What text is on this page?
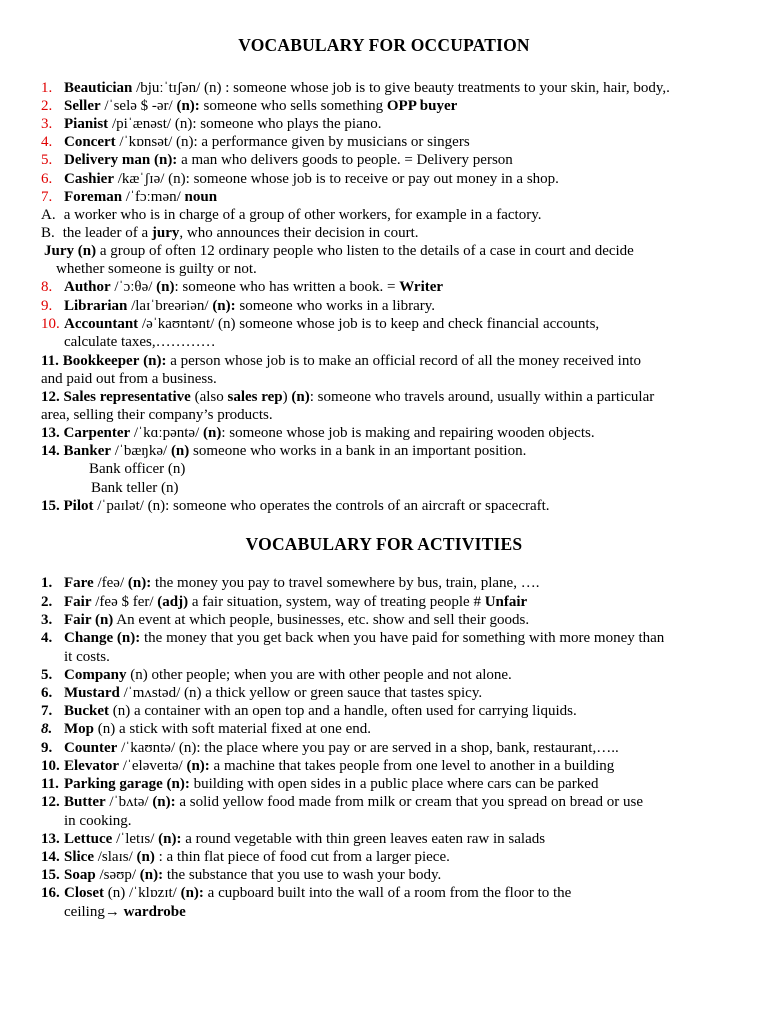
VOCABULARY FOR OCCUPATION
1. Beautician /bjuːˈtɪʃən/ (n) : someone whose job is to give beauty treatments to your skin, hair, body,.
2. Seller /ˈselə $ -ər/ (n): someone who sells something OPP buyer
3. Pianist /piˈænəst/ (n): someone who plays the piano.
4. Concert /ˈkɒnsət/ (n): a performance given by musicians or singers
5. Delivery man (n): a man who delivers goods to people. = Delivery person
6. Cashier /kæˈʃɪə/ (n): someone whose job is to receive or pay out money in a shop.
7. Foreman /ˈfɔːmən/ noun
A. a worker who is in charge of a group of other workers, for example in a factory.
B. the leader of a jury, who announces their decision in court.
Jury (n) a group of often 12 ordinary people who listen to the details of a case in court and decide
whether someone is guilty or not.
8. Author /ˈɔːθə/ (n): someone who has written a book. = Writer
9. Librarian /laɪˈbreəriən/ (n): someone who works in a library.
10. Accountant /əˈkaʊntənt/ (n) someone whose job is to keep and check financial accounts,
calculate taxes,…………
11. Bookkeeper (n): a person whose job is to make an official record of all the money received into
and paid out from a business.
12. Sales representative (also sales rep) (n): someone who travels around, usually within a particular
area, selling their company’s products.
13. Carpenter /ˈkɑːpəntə/ (n): someone whose job is making and repairing wooden objects.
14. Banker /ˈbæŋkə/ (n) someone who works in a bank in an important position.
Bank officer (n)
Bank teller (n)
15. Pilot /ˈpaɪlət/ (n): someone who operates the controls of an aircraft or spacecraft.
VOCABULARY FOR ACTIVITIES
1. Fare /feə/ (n): the money you pay to travel somewhere by bus, train, plane, ….
2. Fair /feə $ fer/ (adj) a fair situation, system, way of treating people # Unfair
3. Fair (n) An event at which people, businesses, etc. show and sell their goods.
4. Change (n): the money that you get back when you have paid for something with more money than
it costs.
5. Company (n) other people; when you are with other people and not alone.
6. Mustard /ˈmʌstəd/ (n) a thick yellow or green sauce that tastes spicy.
7. Bucket (n) a container with an open top and a handle, often used for carrying liquids.
8. Mop (n) a stick with soft material fixed at one end.
9. Counter /ˈkaʊntə/ (n): the place where you pay or are served in a shop, bank, restaurant,…..
10. Elevator /ˈeləveɪtə/ (n): a machine that takes people from one level to another in a building
11. Parking garage (n): building with open sides in a public place where cars can be parked
12. Butter /ˈbʌtə/ (n): a solid yellow food made from milk or cream that you spread on bread or use
in cooking.
13. Lettuce /ˈletɪs/ (n): a round vegetable with thin green leaves eaten raw in salads
14. Slice /slaɪs/ (n) : a thin flat piece of food cut from a larger piece.
15. Soap /səʊp/ (n): the substance that you use to wash your body.
16. Closet (n) /ˈklɒzɪt/ (n): a cupboard built into the wall of a room from the floor to the
ceiling→ wardrobe
